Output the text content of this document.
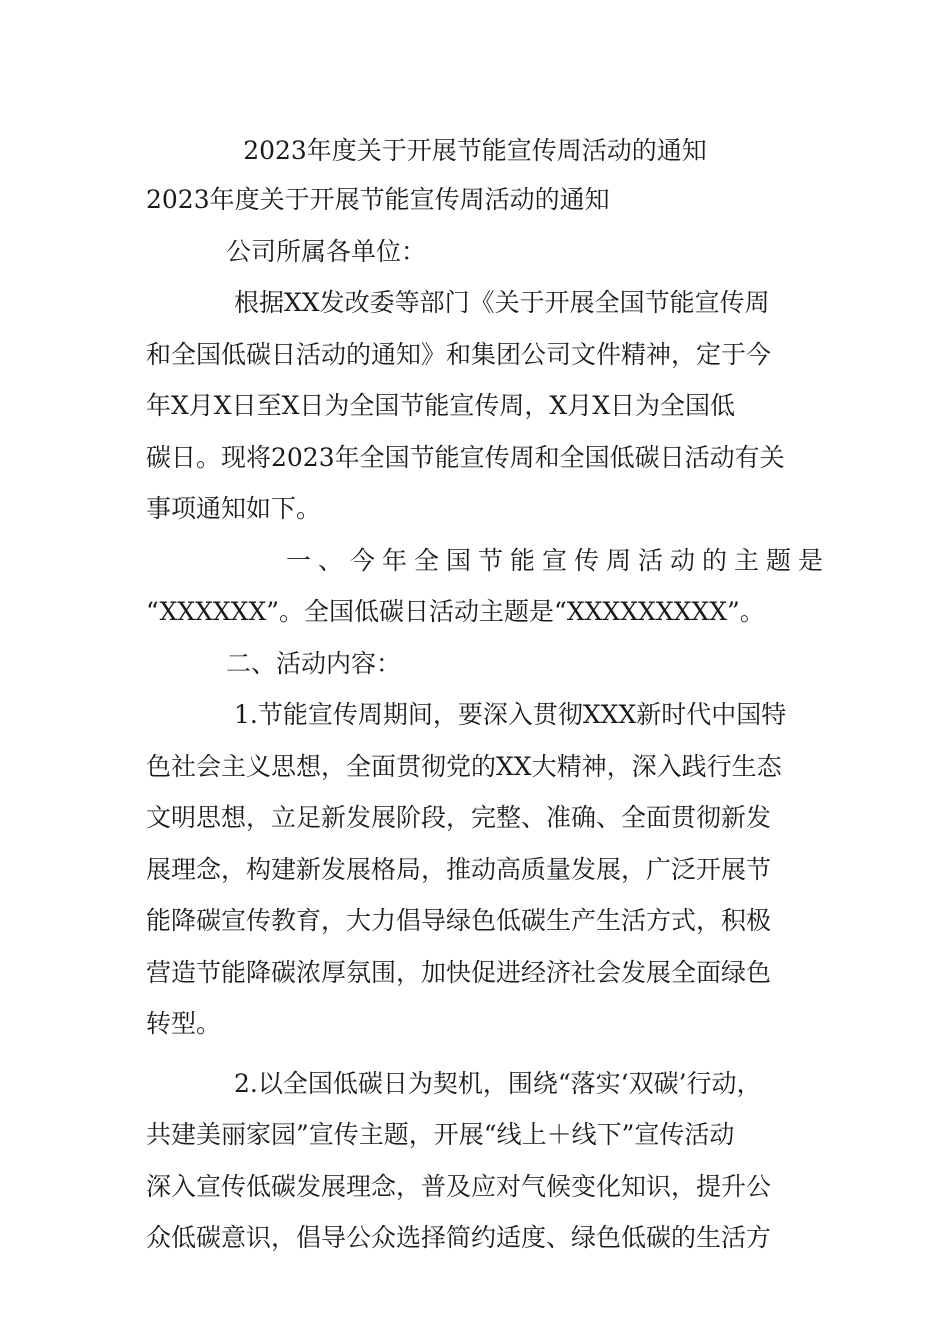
2023年度关于开展节能宣传周活动的通知
2023年度关于开展节能宣传周活动的通知
公司所属各单位：
根据XX发改委等部门《关于开展全国节能宣传周
和全国低碳日活动的通知》和集团公司文件精神，定于今
年X月X日至X日为全国节能宣传周，X月X日为全国低
碳日。现将2023年全国节能宣传周和全国低碳日活动有关
事项通知如下。
一、今年全国节能宣传周活动的主题是
“XXXXXX”。全国低碳日活动主题是“XXXXXXXXX”。
二、活动内容：
1.节能宣传周期间，要深入贯彻XXX新时代中国特
色社会主义思想，全面贯彻党的XX大精神，深入践行生态
文明思想，立足新发展阶段，完整、准确、全面贯彻新发
展理念，构建新发展格局，推动高质量发展，广泛开展节
能降碳宣传教育，大力倡导绿色低碳生产生活方式，积极
营造节能降碳浓厚氛围，加快促进经济社会发展全面绿色
转型。
2.以全国低碳日为契机，围绕“落实‘双碳’行动，
共建美丽家园”宣传主题，开展“线上＋线下”宣传活动
深入宣传低碳发展理念，普及应对气候变化知识，提升公
众低碳意识，倡导公众选择简约适度、绿色低碳的生活方
